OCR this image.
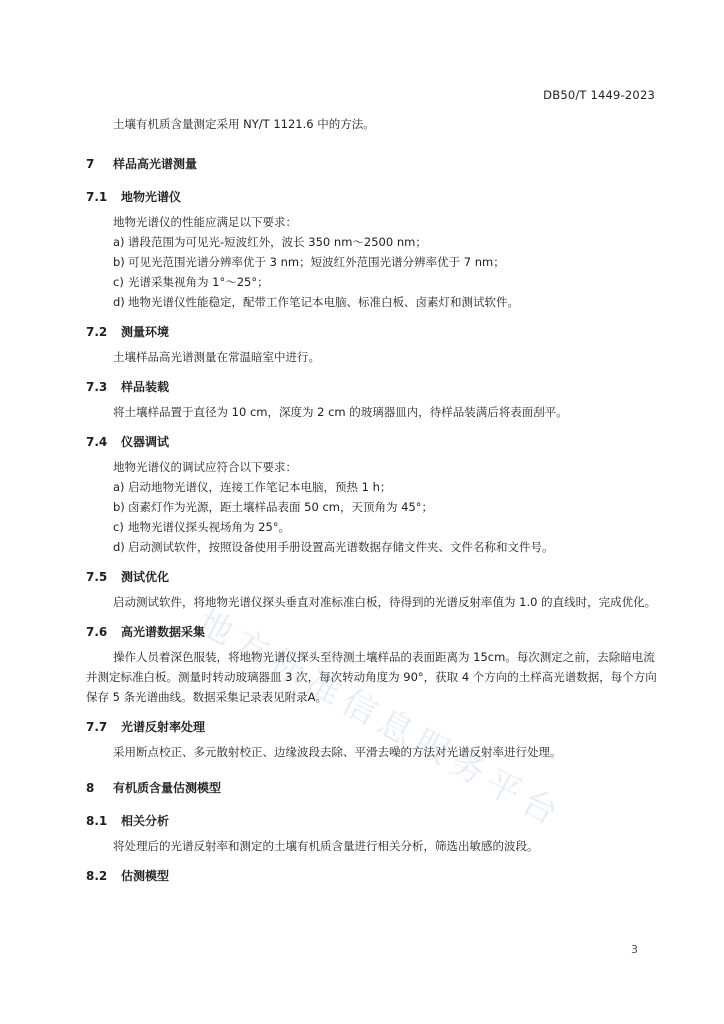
DB50/T 1449-2023
地
方
标
准
信
息
服
务
平
台

土壤有机质含量测定采用 NY/T 1121.6 中的方法。

7	样品高光谱测量
7.1	地物光谱仪

地物光谱仪的性能应满足以下要求：

a) 谱段范围为可见光-短波红外，波长 350 nm～2500 nm；
b) 可见光范围光谱分辨率优于 3 nm；短波红外范围光谱分辨率优于 7 nm；
c) 光谱采集视角为 1°～25°；
d) 地物光谱仪性能稳定，配带工作笔记本电脑、标准白板、卤素灯和测试软件。
7.2	测量环境

土壤样品高光谱测量在常温暗室中进行。

7.3	样品装载

将土壤样品置于直径为 10 cm，深度为 2 cm 的玻璃器皿内，待样品装满后将表面刮平。

7.4	仪器调试

地物光谱仪的调试应符合以下要求：

a) 启动地物光谱仪，连接工作笔记本电脑，预热 1 h；
b) 卤素灯作为光源，距土壤样品表面 50 cm，天顶角为 45°；
c) 地物光谱仪探头视场角为 25°。
d) 启动测试软件，按照设备使用手册设置高光谱数据存储文件夹、文件名称和文件号。
7.5	测试优化

启动测试软件，将地物光谱仪探头垂直对准标准白板，待得到的光谱反射率值为 1.0 的直线时，完成优化。

7.6	高光谱数据采集

操作人员着深色服装，将地物光谱仪探头至待测土壤样品的表面距离为 15cm。每次测定之前，去除暗电流并测定标准白板。测量时转动玻璃器皿 3 次，每次转动角度为 90°，获取 4 个方向的土样高光谱数据，每个方向保存 5 条光谱曲线。数据采集记录表见附录A。

7.7	光谱反射率处理

采用断点校正、多元散射校正、边缘波段去除、平滑去噪的方法对光谱反射率进行处理。

8	有机质含量估测模型
8.1	相关分析

将处理后的光谱反射率和测定的土壤有机质含量进行相关分析，筛选出敏感的波段。

8.2	估测模型
3
